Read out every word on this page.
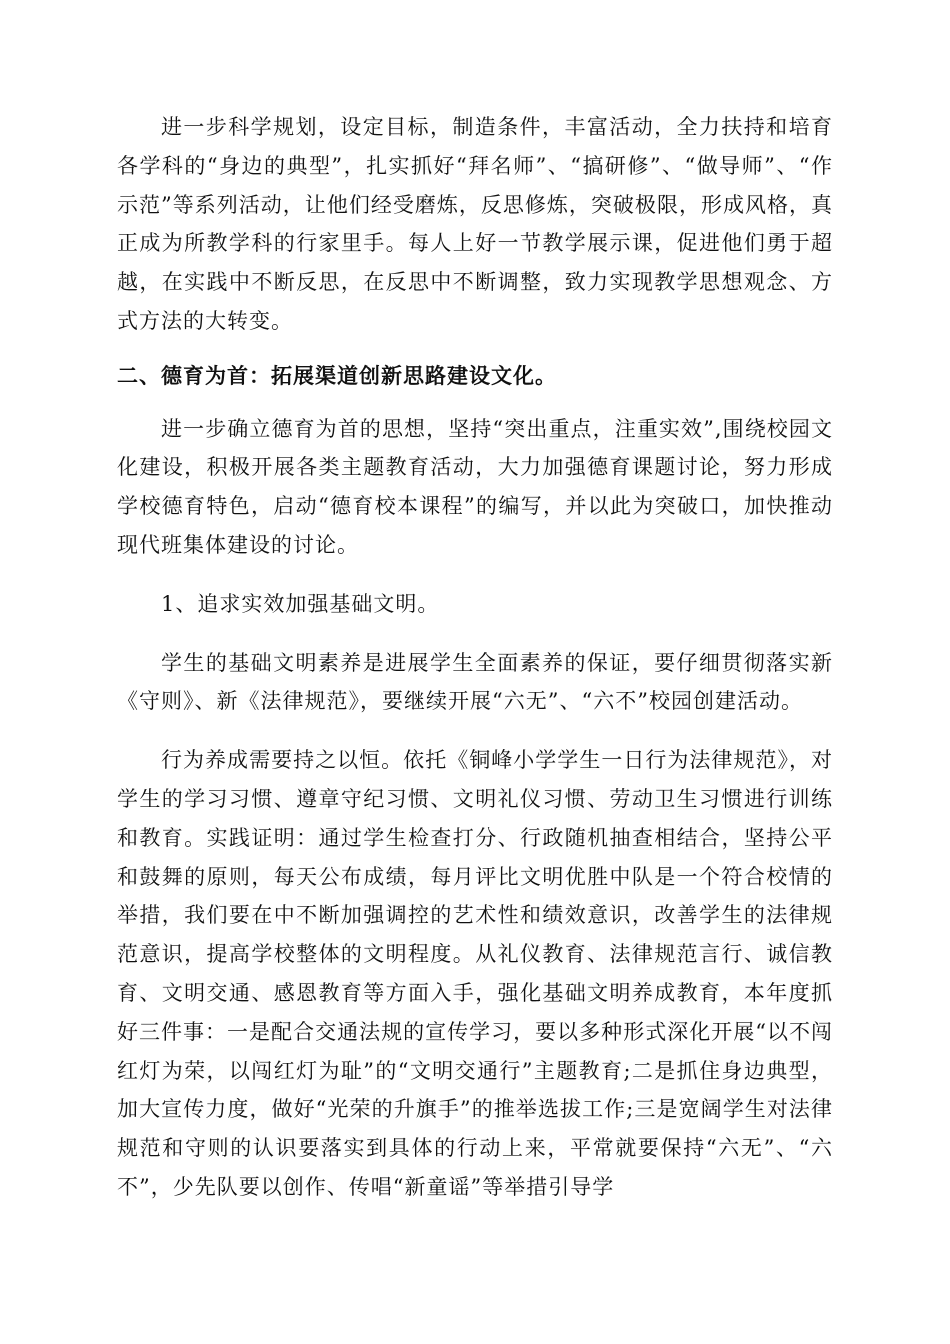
进一步科学规划，设定目标，制造条件，丰富活动，全力扶持和培育各学科的“身边的典型”，扎实抓好“拜名师”、“搞研修”、“做导师”、“作示范”等系列活动，让他们经受磨炼，反思修炼，突破极限，形成风格，真正成为所教学科的行家里手。每人上好一节教学展示课，促进他们勇于超越，在实践中不断反思，在反思中不断调整，致力实现教学思想观念、方式方法的大转变。

二、德育为首：拓展渠道创新思路建设文化。

进一步确立德育为首的思想，坚持“突出重点，注重实效”,围绕校园文化建设，积极开展各类主题教育活动，大力加强德育课题讨论，努力形成学校德育特色，启动“德育校本课程”的编写，并以此为突破口，加快推动现代班集体建设的讨论。

1、追求实效加强基础文明。

学生的基础文明素养是进展学生全面素养的保证，要仔细贯彻落实新《守则》、新《法律规范》，要继续开展“六无”、“六不”校园创建活动。

行为养成需要持之以恒。依托《铜峰小学学生一日行为法律规范》，对学生的学习习惯、遵章守纪习惯、文明礼仪习惯、劳动卫生习惯进行训练和教育。实践证明：通过学生检查打分、行政随机抽查相结合，坚持公平和鼓舞的原则，每天公布成绩，每月评比文明优胜中队是一个符合校情的举措，我们要在中不断加强调控的艺术性和绩效意识，改善学生的法律规范意识，提高学校整体的文明程度。从礼仪教育、法律规范言行、诚信教育、文明交通、感恩教育等方面入手，强化基础文明养成教育，本年度抓好三件事：一是配合交通法规的宣传学习，要以多种形式深化开展“以不闯红灯为荣，以闯红灯为耻”的“文明交通行”主题教育;二是抓住身边典型，加大宣传力度，做好“光荣的升旗手”的推举选拔工作;三是宽阔学生对法律规范和守则的认识要落实到具体的行动上来，平常就要保持“六无”、“六不”，少先队要以创作、传唱“新童谣”等举措引导学
